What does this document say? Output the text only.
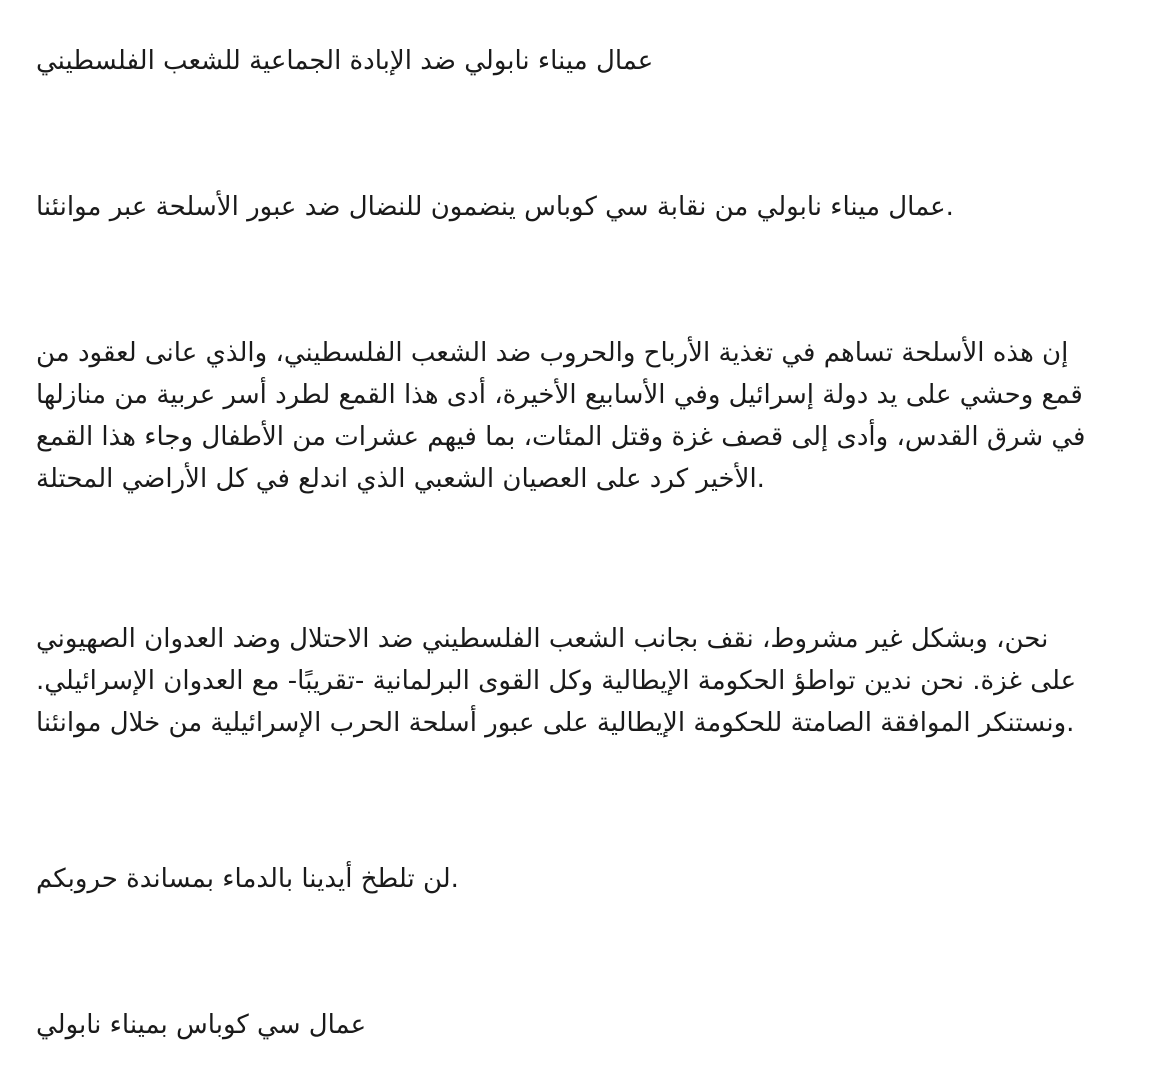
عمال ميناء نابولي ضد الإبادة الجماعية للشعب الفلسطيني

.عمال ميناء نابولي من نقابة سي كوباس ينضمون للنضال ضد عبور الأسلحة عبر موانئنا

إن هذه الأسلحة تساهم في تغذية الأرباح والحروب ضد الشعب الفلسطيني، والذي عانى لعقود من
قمع وحشي على يد دولة إسرائيل وفي الأسابيع الأخيرة، أدى هذا القمع لطرد أسر عربية من منازلها
في شرق القدس، وأدى إلى قصف غزة وقتل المئات، بما فيهم عشرات من الأطفال وجاء هذا القمع
.الأخير كرد على العصيان الشعبي الذي اندلع في كل الأراضي المحتلة

نحن، وبشكل غير مشروط، نقف بجانب الشعب الفلسطيني ضد الاحتلال وضد العدوان الصهيوني
على غزة. نحن ندين تواطؤ الحكومة الإيطالية وكل القوى البرلمانية -تقريبًا- مع العدوان الإسرائيلي.
.ونستنكر الموافقة الصامتة للحكومة الإيطالية على عبور أسلحة الحرب الإسرائيلية من خلال موانئنا

.لن تلطخ أيدينا بالدماء بمساندة حروبكم

عمال سي كوباس بميناء نابولي
